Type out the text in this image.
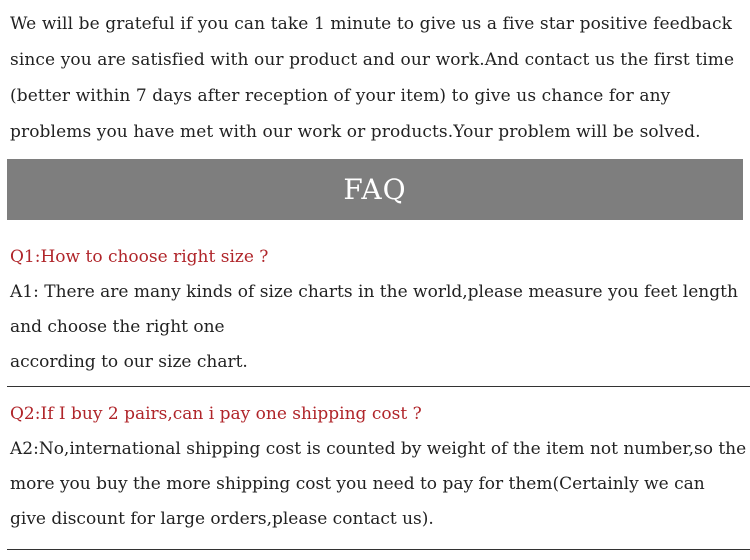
We will be grateful if you can take 1 minute to give us a five star positive feedback

since you are satisfied with our product and our work.And contact us the first time

(better within 7 days after reception of your item) to give us chance for any

problems you have met with our work or products.Your problem will be solved.

FAQ

Q1:How to choose right size ?

A1: There are many kinds of size charts in the world,please measure you feet length

and choose the right one

according to our size chart.

Q2:If I buy 2 pairs,can i pay one shipping cost ?

A2:No,international shipping cost is counted by weight of the item not number,so the

more you buy the more shipping cost you need to pay for them(Certainly we can

give discount for large orders,please contact us).
